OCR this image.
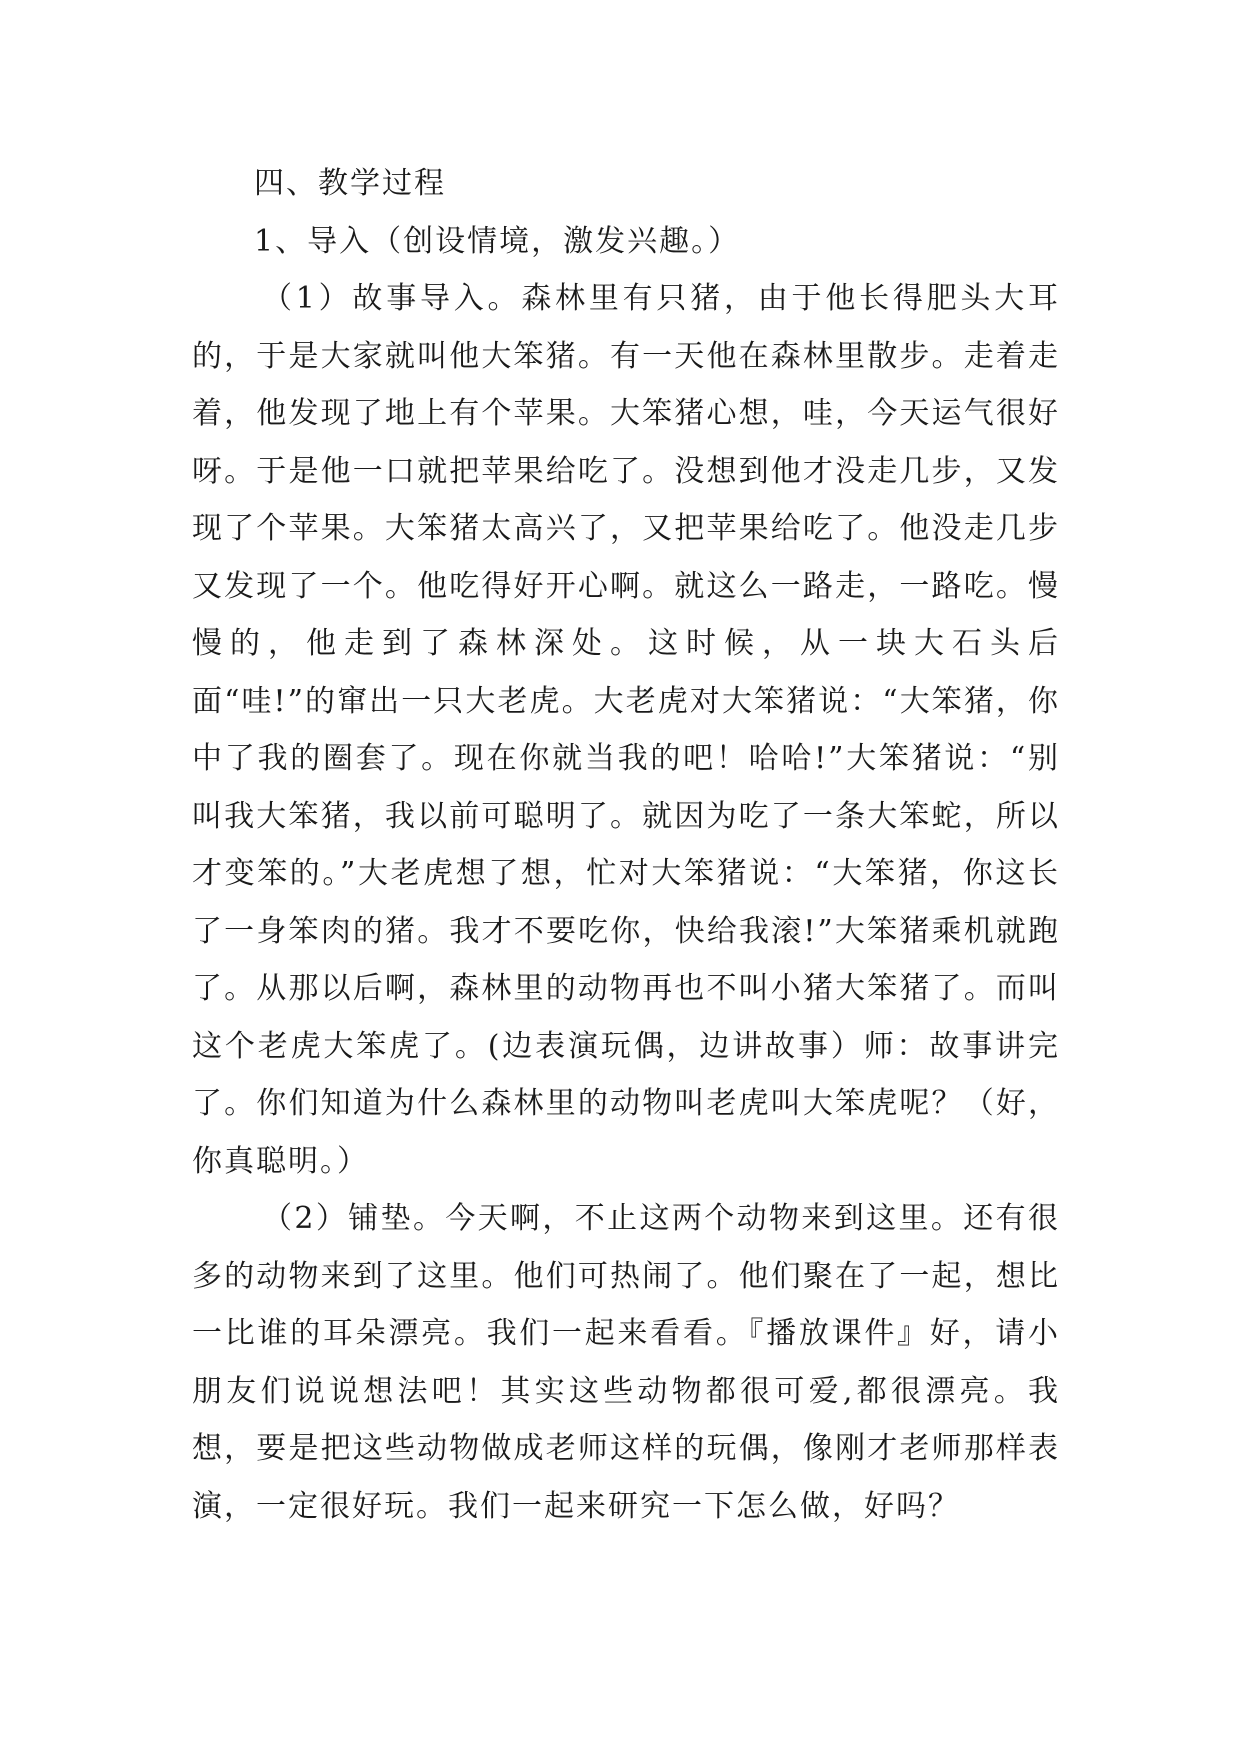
四、教学过程
1、导入（创设情境，激发兴趣。）

（1）故事导入。森林里有只猪，由于他长得肥头大耳的，于是大家就叫他大笨猪。有一天他在森林里散步。走着走着，他发现了地上有个苹果。大笨猪心想，哇，今天运气很好呀。于是他一口就把苹果给吃了。没想到他才没走几步，又发现了个苹果。大笨猪太高兴了，又把苹果给吃了。他没走几步又发现了一个。他吃得好开心啊。就这么一路走，一路吃。慢慢的，他走到了森林深处。这时候，从一块大石头后面“哇!”的窜出一只大老虎。大老虎对大笨猪说：“大笨猪，你中了我的圈套了。现在你就当我的吧！哈哈!”大笨猪说：“别叫我大笨猪，我以前可聪明了。就因为吃了一条大笨蛇，所以才变笨的。”大老虎想了想，忙对大笨猪说：“大笨猪，你这长了一身笨肉的猪。我才不要吃你，快给我滚!”大笨猪乘机就跑了。从那以后啊，森林里的动物再也不叫小猪大笨猪了。而叫这个老虎大笨虎了。(边表演玩偶，边讲故事）师：故事讲完了。你们知道为什么森林里的动物叫老虎叫大笨虎呢？（好，你真聪明。）

（2）铺垫。今天啊，不止这两个动物来到这里。还有很多的动物来到了这里。他们可热闹了。他们聚在了一起，想比一比谁的耳朵漂亮。我们一起来看看。『播放课件』好，请小朋友们说说想法吧！其实这些动物都很可爱,都很漂亮。我想，要是把这些动物做成老师这样的玩偶，像刚才老师那样表演，一定很好玩。我们一起来研究一下怎么做，好吗？
